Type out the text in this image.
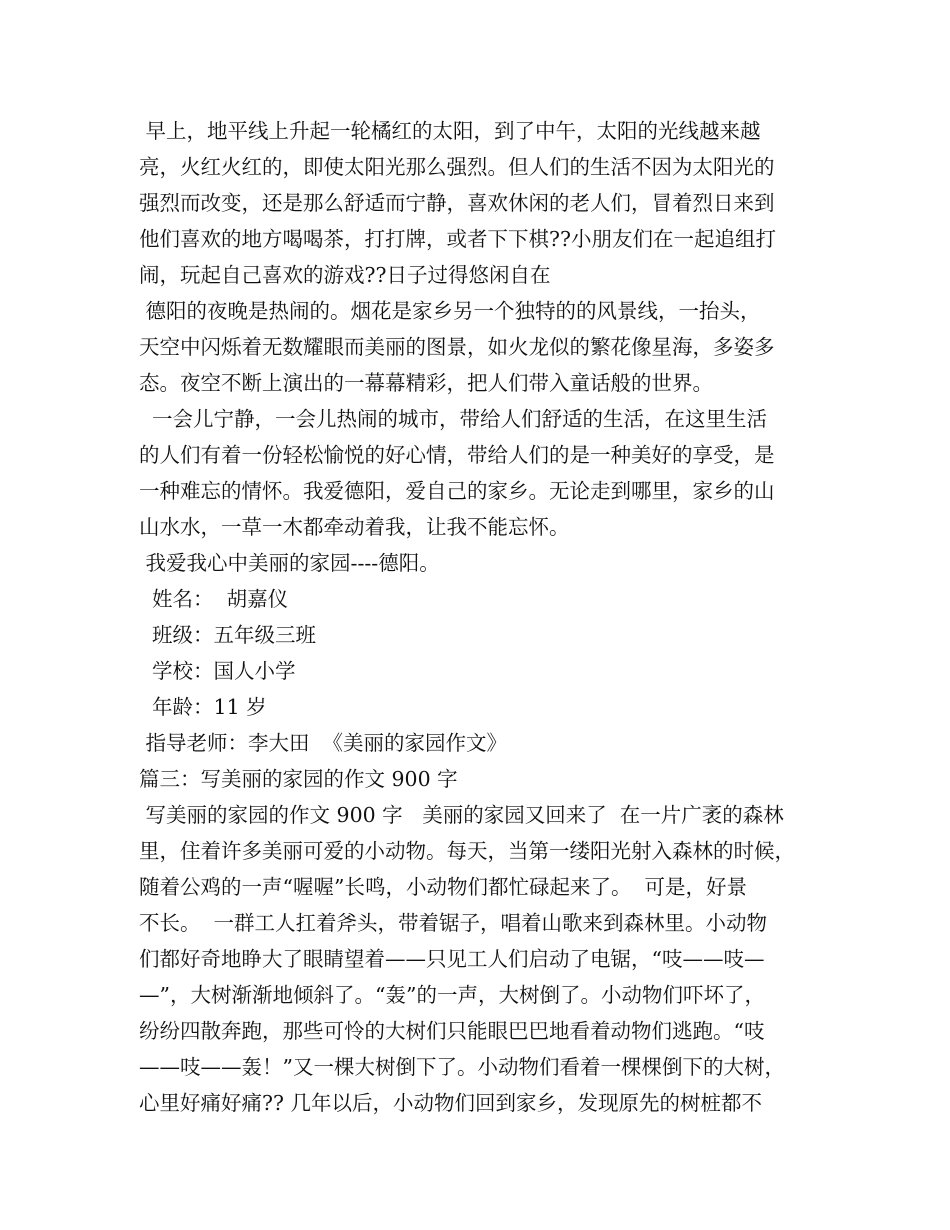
早上，地平线上升起一轮橘红的太阳，到了中午，太阳的光线越来越
亮，火红火红的，即使太阳光那么强烈。但人们的生活不因为太阳光的
强烈而改变，还是那么舒适而宁静，喜欢休闲的老人们，冒着烈日来到
他们喜欢的地方喝喝茶，打打牌，或者下下棋??小朋友们在一起追组打
闹，玩起自己喜欢的游戏??日子过得悠闲自在
德阳的夜晚是热闹的。烟花是家乡另一个独特的的风景线，一抬头，
天空中闪烁着无数耀眼而美丽的图景，如火龙似的繁花像星海，多姿多
态。夜空不断上演出的一幕幕精彩，把人们带入童话般的世界。
一会儿宁静，一会儿热闹的城市，带给人们舒适的生活，在这里生活
的人们有着一份轻松愉悦的好心情，带给人们的是一种美好的享受，是
一种难忘的情怀。我爱德阳，爱自己的家乡。无论走到哪里，家乡的山
山水水，一草一木都牵动着我，让我不能忘怀。
我爱我心中美丽的家园----德阳。
姓名：  胡嘉仪
班级：五年级三班
学校：国人小学
年龄：11 岁
指导老师：李大田  《美丽的家园作文》
篇三：写美丽的家园的作文 900 字
写美丽的家园的作文 900 字   美丽的家园又回来了  在一片广袤的森林
里，住着许多美丽可爱的小动物。每天，当第一缕阳光射入森林的时候，
随着公鸡的一声“喔喔”长鸣，小动物们都忙碌起来了。  可是，好景
不长。  一群工人扛着斧头，带着锯子，唱着山歌来到森林里。小动物
们都好奇地睁大了眼睛望着——只见工人们启动了电锯，“吱——吱—
—”，大树渐渐地倾斜了。“轰”的一声，大树倒了。小动物们吓坏了，
纷纷四散奔跑，那些可怜的大树们只能眼巴巴地看着动物们逃跑。“吱
——吱——轰！”又一棵大树倒下了。小动物们看着一棵棵倒下的大树，
心里好痛好痛?? 几年以后，小动物们回到家乡，发现原先的树桩都不
